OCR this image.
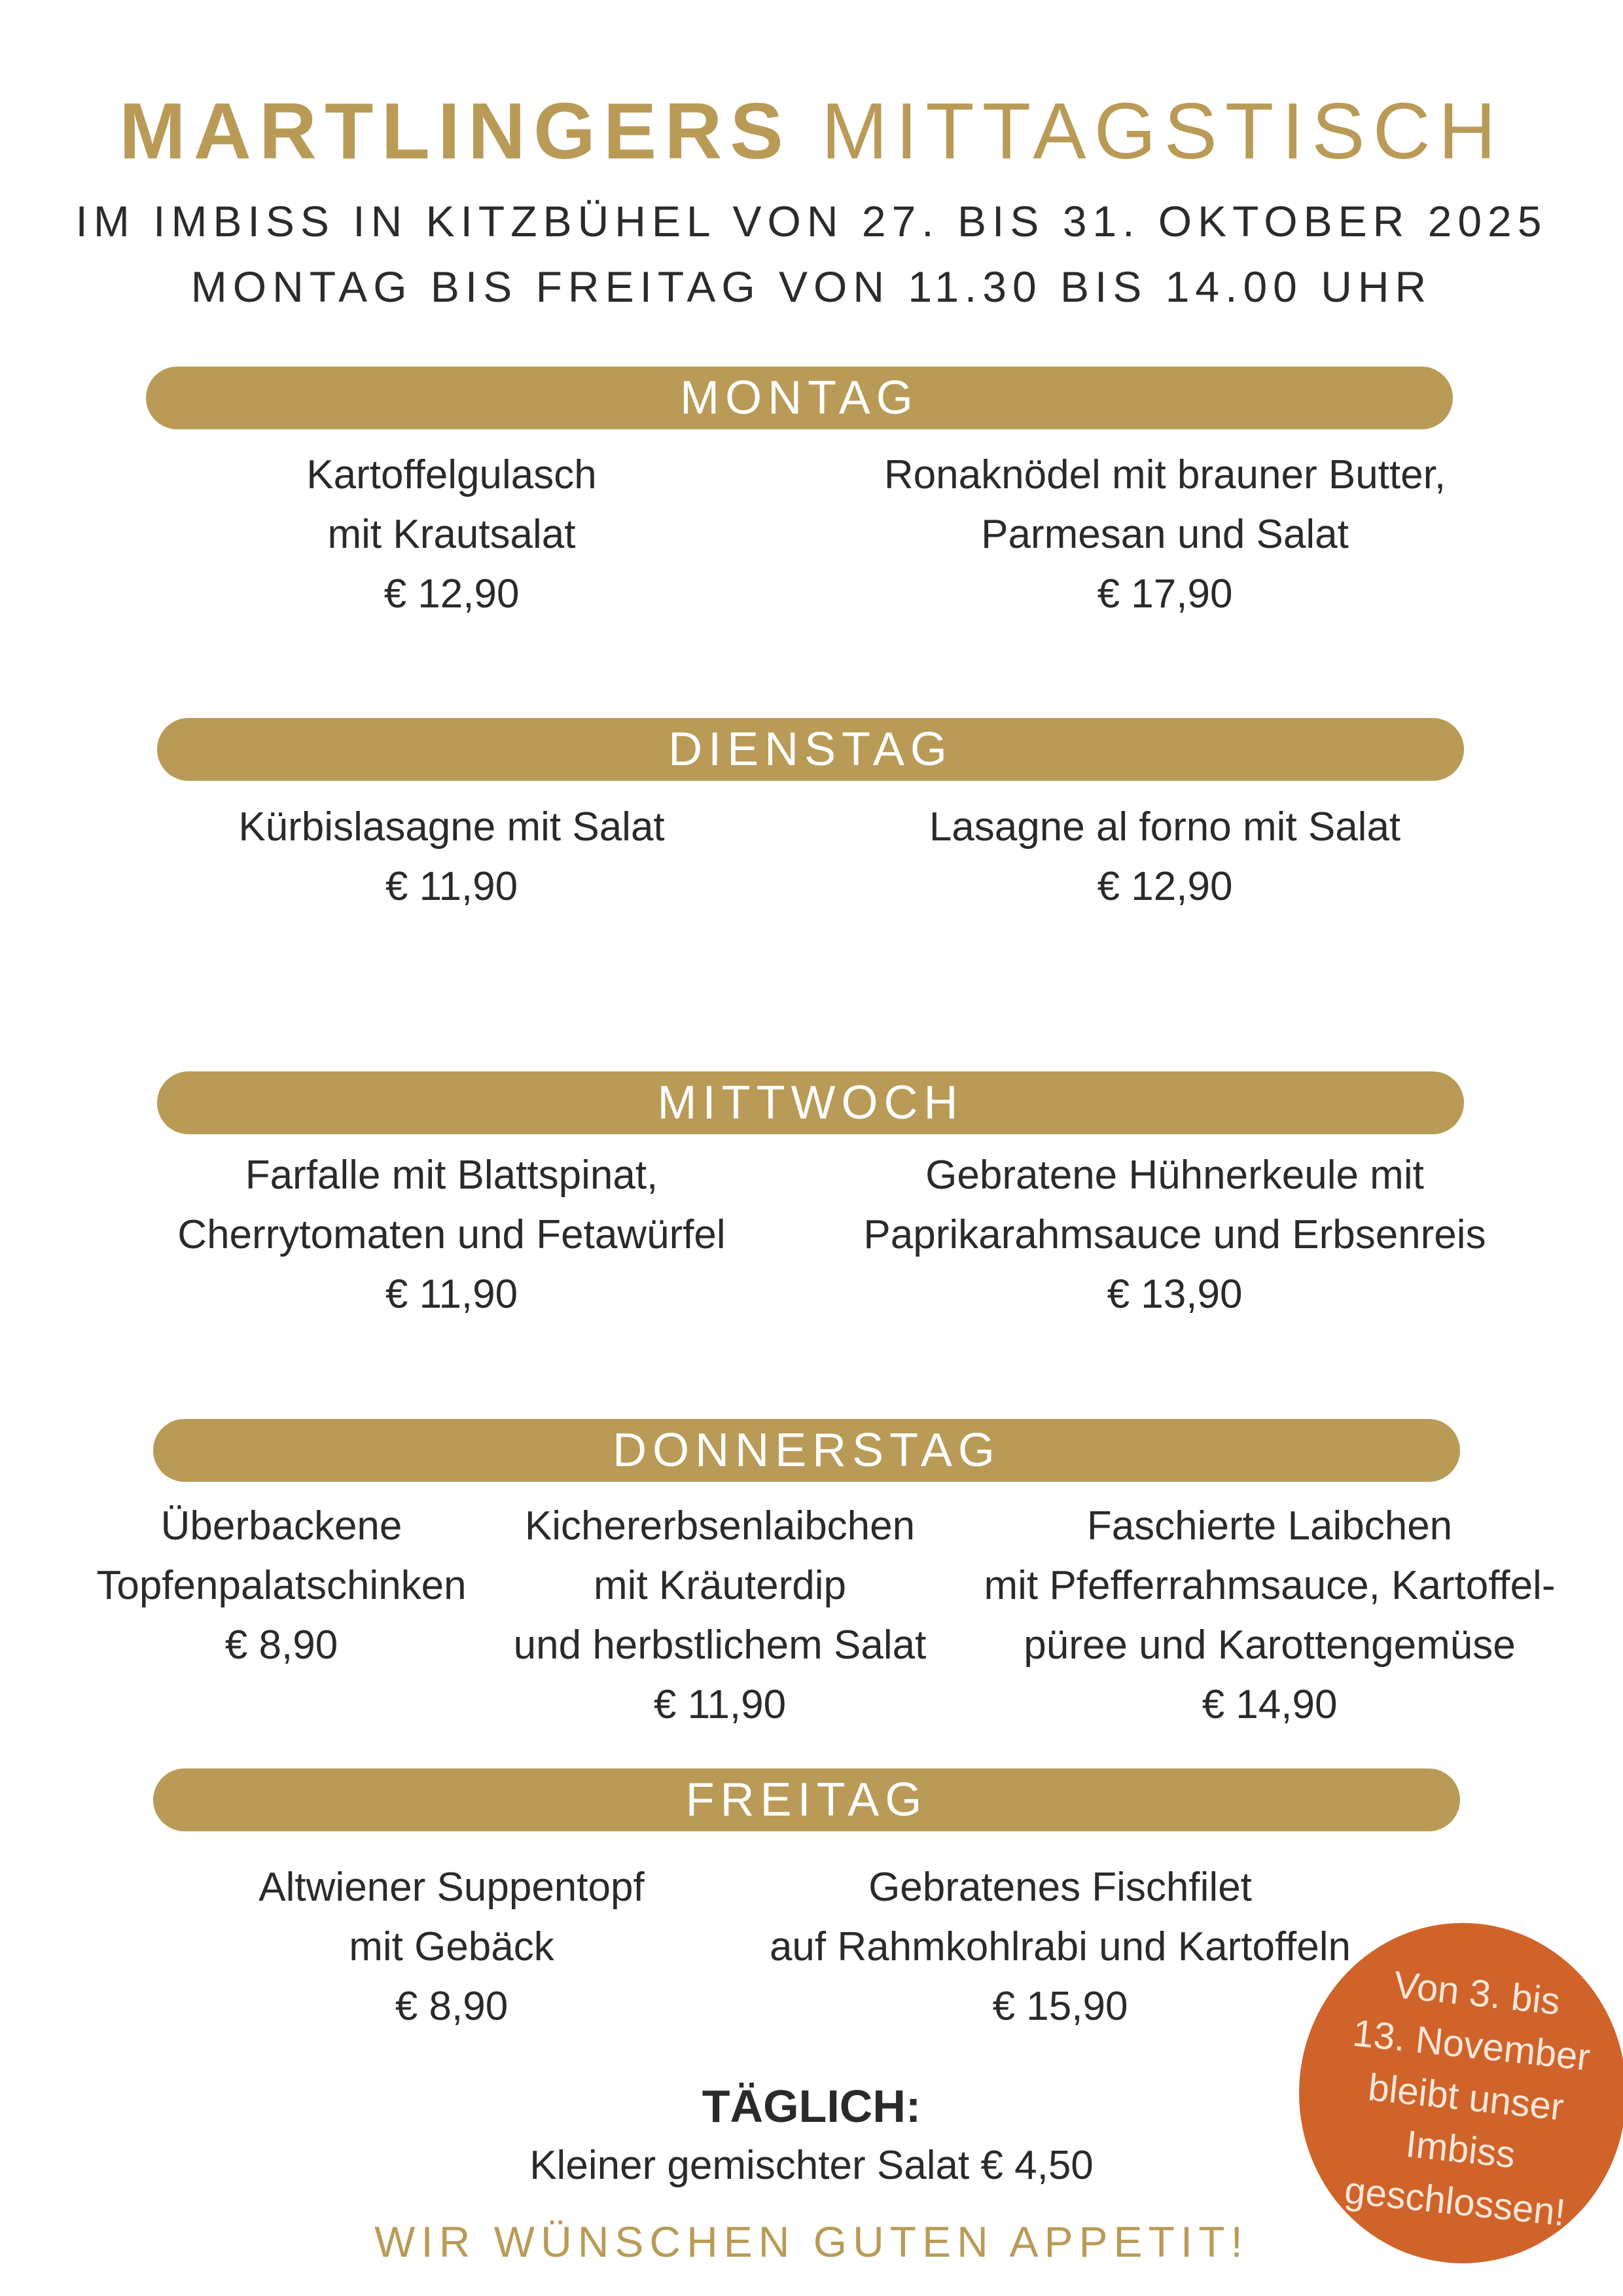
MARTLINGERS MITTAGSTISCH
IM IMBISS IN KITZBÜHEL VON 27. BIS 31. OKTOBER 2025
MONTAG BIS FREITAG VON 11.30 BIS 14.00 UHR
MONTAG
Kartoffelgulasch
mit Krautsalat
€ 12,90
Ronaknödel mit brauner Butter,
Parmesan und Salat
€ 17,90
DIENSTAG
Kürbislasagne mit Salat
€ 11,90
Lasagne al forno mit Salat
€ 12,90
MITTWOCH
Farfalle mit Blattspinat,
Cherrytomaten und Fetawürfel
€ 11,90
Gebratene Hühnerkeule mit
Paprikarahmsauce und Erbsenreis
€ 13,90
DONNERSTAG
Überbackene
Topfenpalatschinken
€ 8,90
Kichererbsenlaibchen
mit Kräuterdip
und herbstlichem Salat
€ 11,90
Faschierte Laibchen
mit Pfefferrahmsauce, Kartoffel-
püree und Karottengemüse
€ 14,90
FREITAG
Altwiener Suppentopf
mit Gebäck
€ 8,90
Gebratenes Fischfilet
auf Rahmkohlrabi und Kartoffeln
€ 15,90
TÄGLICH:
Kleiner gemischter Salat € 4,50
WIR WÜNSCHEN GUTEN APPETIT!
Von 3. bis
13. November
bleibt unser
Imbiss
geschlossen!
